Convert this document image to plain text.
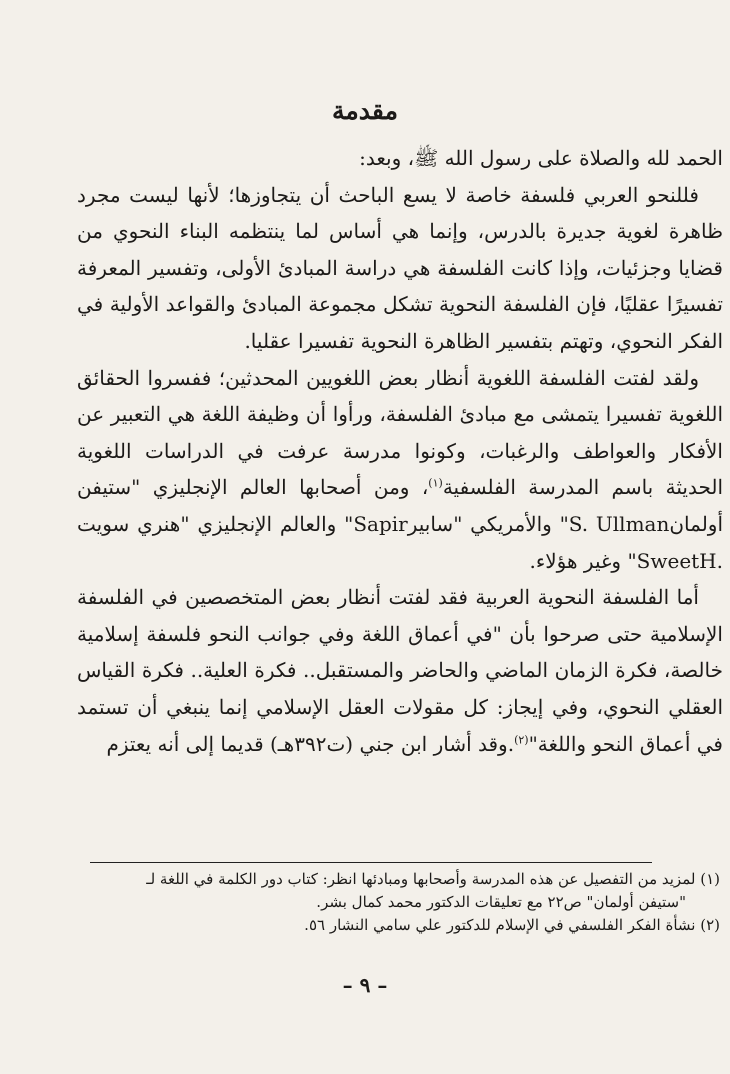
مقدمة

الحمد لله والصلاة على رسول الله ﷺ، وبعد:

فللنحو العربي فلسفة خاصة لا يسع الباحث أن يتجاوزها؛ لأنها ليست مجرد ظاهرة لغوية جديرة بالدرس، وإنما هي أساس لما ينتظمه البناء النحوي من قضايا وجزئيات، وإذا كانت الفلسفة هي دراسة المبادئ الأولى، وتفسير المعرفة تفسيرًا عقليًا، فإن الفلسفة النحوية تشكل مجموعة المبادئ والقواعد الأولية في الفكر النحوي، وتهتم بتفسير الظاهرة النحوية تفسيرا عقليا.

ولقد لفتت الفلسفة اللغوية أنظار بعض اللغويين المحدثين؛ ففسروا الحقائق اللغوية تفسيرا يتمشى مع مبادئ الفلسفة، ورأوا أن وظيفة اللغة هي التعبير عن الأفكار والعواطف والرغبات، وكونوا مدرسة عرفت في الدراسات اللغوية الحديثة باسم المدرسة الفلسفية$^{(١)}$، ومن أصحابها العالم الإنجليزي "ستيفن أولمانS. Ullman" والأمريكي "سابيرSapir" والعالم الإنجليزي "هنري سويت .SweetH" وغير هؤلاء.

أما الفلسفة النحوية العربية فقد لفتت أنظار بعض المتخصصين في الفلسفة الإسلامية حتى صرحوا بأن "في أعماق اللغة وفي جوانب النحو فلسفة إسلامية خالصة، فكرة الزمان الماضي والحاضر والمستقبل.. فكرة العلية.. فكرة القياس العقلي النحوي، وفي إيجاز: كل مقولات العقل الإسلامي إنما ينبغي أن تستمد في أعماق النحو واللغة"$^{(٢)}$.وقد أشار ابن جني (ت٣٩٢هـ) قديما إلى أنه يعتزم

(١) لمزيد من التفصيل عن هذه المدرسة وأصحابها ومبادئها انظر: كتاب دور الكلمة في اللغة لـ

"ستيفن أولمان" ص٢٢ مع تعليقات الدكتور محمد كمال بشر.

(٢) نشأة الفكر الفلسفي في الإسلام للدكتور علي سامي النشار ٥٦.

– ٩ –
